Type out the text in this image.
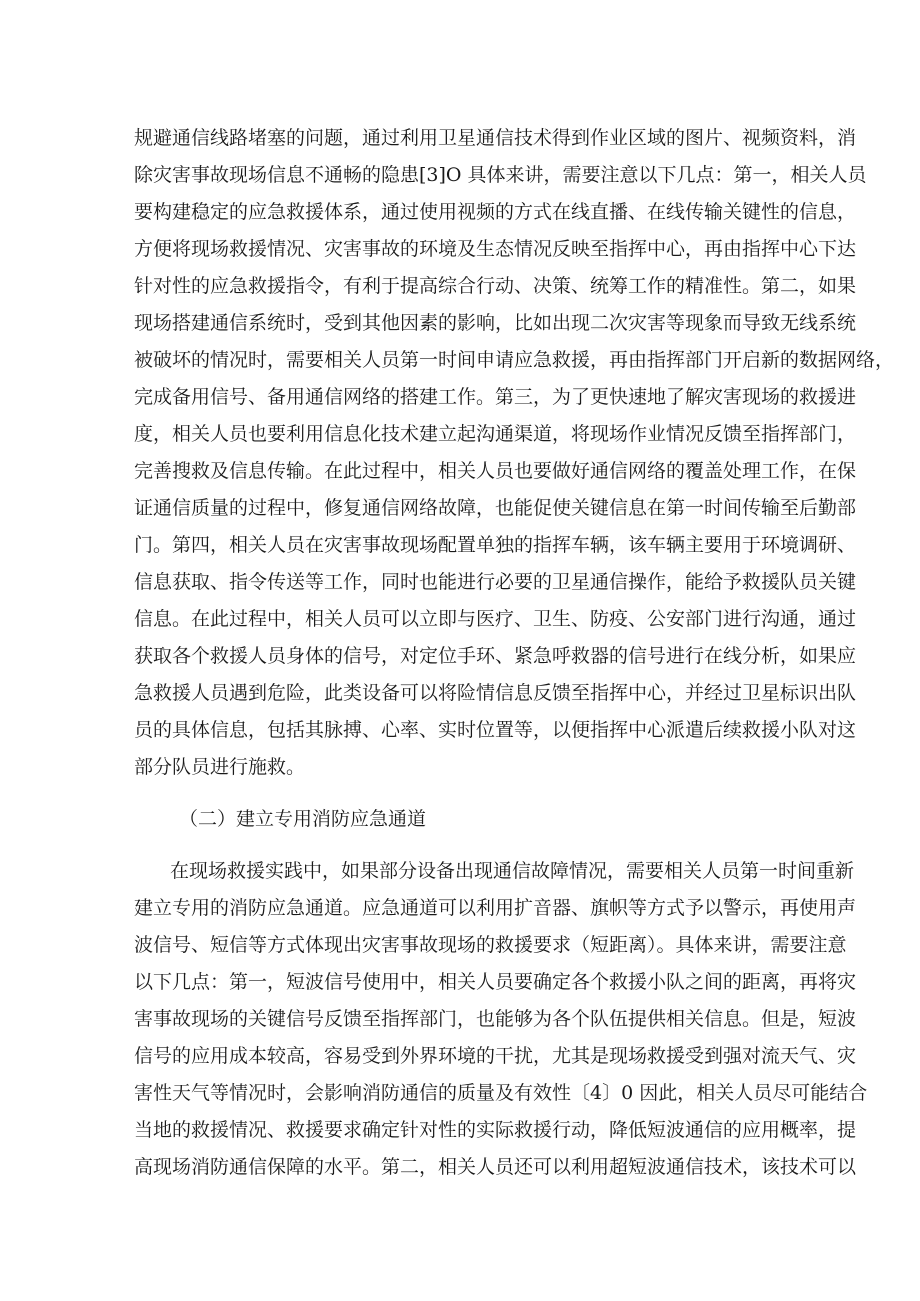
规避通信线路堵塞的问题，通过利用卫星通信技术得到作业区域的图片、视频资料，消
除灾害事故现场信息不通畅的隐患[3]O 具体来讲，需要注意以下几点：第一，相关人员
要构建稳定的应急救援体系，通过使用视频的方式在线直播、在线传输关键性的信息，
方便将现场救援情况、灾害事故的环境及生态情况反映至指挥中心，再由指挥中心下达
针对性的应急救援指令，有利于提高综合行动、决策、统筹工作的精准性。第二，如果
现场搭建通信系统时，受到其他因素的影响，比如出现二次灾害等现象而导致无线系统
被破坏的情况时，需要相关人员第一时间申请应急救援，再由指挥部门开启新的数据网络，
完成备用信号、备用通信网络的搭建工作。第三，为了更快速地了解灾害现场的救援进
度，相关人员也要利用信息化技术建立起沟通渠道，将现场作业情况反馈至指挥部门，
完善搜救及信息传输。在此过程中，相关人员也要做好通信网络的覆盖处理工作，在保
证通信质量的过程中，修复通信网络故障，也能促使关键信息在第一时间传输至后勤部
门。第四，相关人员在灾害事故现场配置单独的指挥车辆，该车辆主要用于环境调研、
信息获取、指令传送等工作，同时也能进行必要的卫星通信操作，能给予救援队员关键
信息。在此过程中，相关人员可以立即与医疗、卫生、防疫、公安部门进行沟通，通过
获取各个救援人员身体的信号，对定位手环、紧急呼救器的信号进行在线分析，如果应
急救援人员遇到危险，此类设备可以将险情信息反馈至指挥中心，并经过卫星标识出队
员的具体信息，包括其脉搏、心率、实时位置等，以便指挥中心派遣后续救援小队对这
部分队员进行施救。
（二）建立专用消防应急通道
在现场救援实践中，如果部分设备出现通信故障情况，需要相关人员第一时间重新
建立专用的消防应急通道。应急通道可以利用扩音器、旗帜等方式予以警示，再使用声
波信号、短信等方式体现出灾害事故现场的救援要求（短距离）。具体来讲，需要注意
以下几点：第一，短波信号使用中，相关人员要确定各个救援小队之间的距离，再将灾
害事故现场的关键信号反馈至指挥部门，也能够为各个队伍提供相关信息。但是，短波
信号的应用成本较高，容易受到外界环境的干扰，尤其是现场救援受到强对流天气、灾
害性天气等情况时，会影响消防通信的质量及有效性〔4〕0 因此，相关人员尽可能结合
当地的救援情况、救援要求确定针对性的实际救援行动，降低短波通信的应用概率，提
高现场消防通信保障的水平。第二，相关人员还可以利用超短波通信技术，该技术可以
